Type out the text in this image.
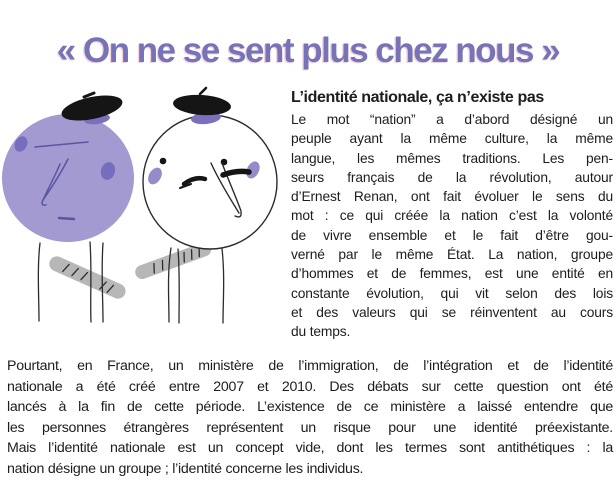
« On ne se sent plus chez nous »
L’identité nationale, ça n’existe pas
Le mot “nation” a d’abord désigné un
peuple ayant la même culture, la même
langue, les mêmes traditions. Les pen-
seurs français de la révolution, autour
d’Ernest Renan, ont fait évoluer le sens du
mot : ce qui créée la nation c’est la volonté
de vivre ensemble et le fait d’être gou-
verné par le même État. La nation, groupe
d’hommes et de femmes, est une entité en
constante évolution, qui vit selon des lois
et des valeurs qui se réinventent au cours
du temps.
Pourtant, en France, un ministère de l’immigration, de l’intégration et de l’identité
nationale a été créé entre 2007 et 2010. Des débats sur cette question ont été
lancés à la fin de cette période. L’existence de ce ministère a laissé entendre que
les personnes étrangères représentent un risque pour une identité préexistante.
Mais l’identité nationale est un concept vide, dont les termes sont antithétiques : la
nation désigne un groupe ; l’identité concerne les individus.
